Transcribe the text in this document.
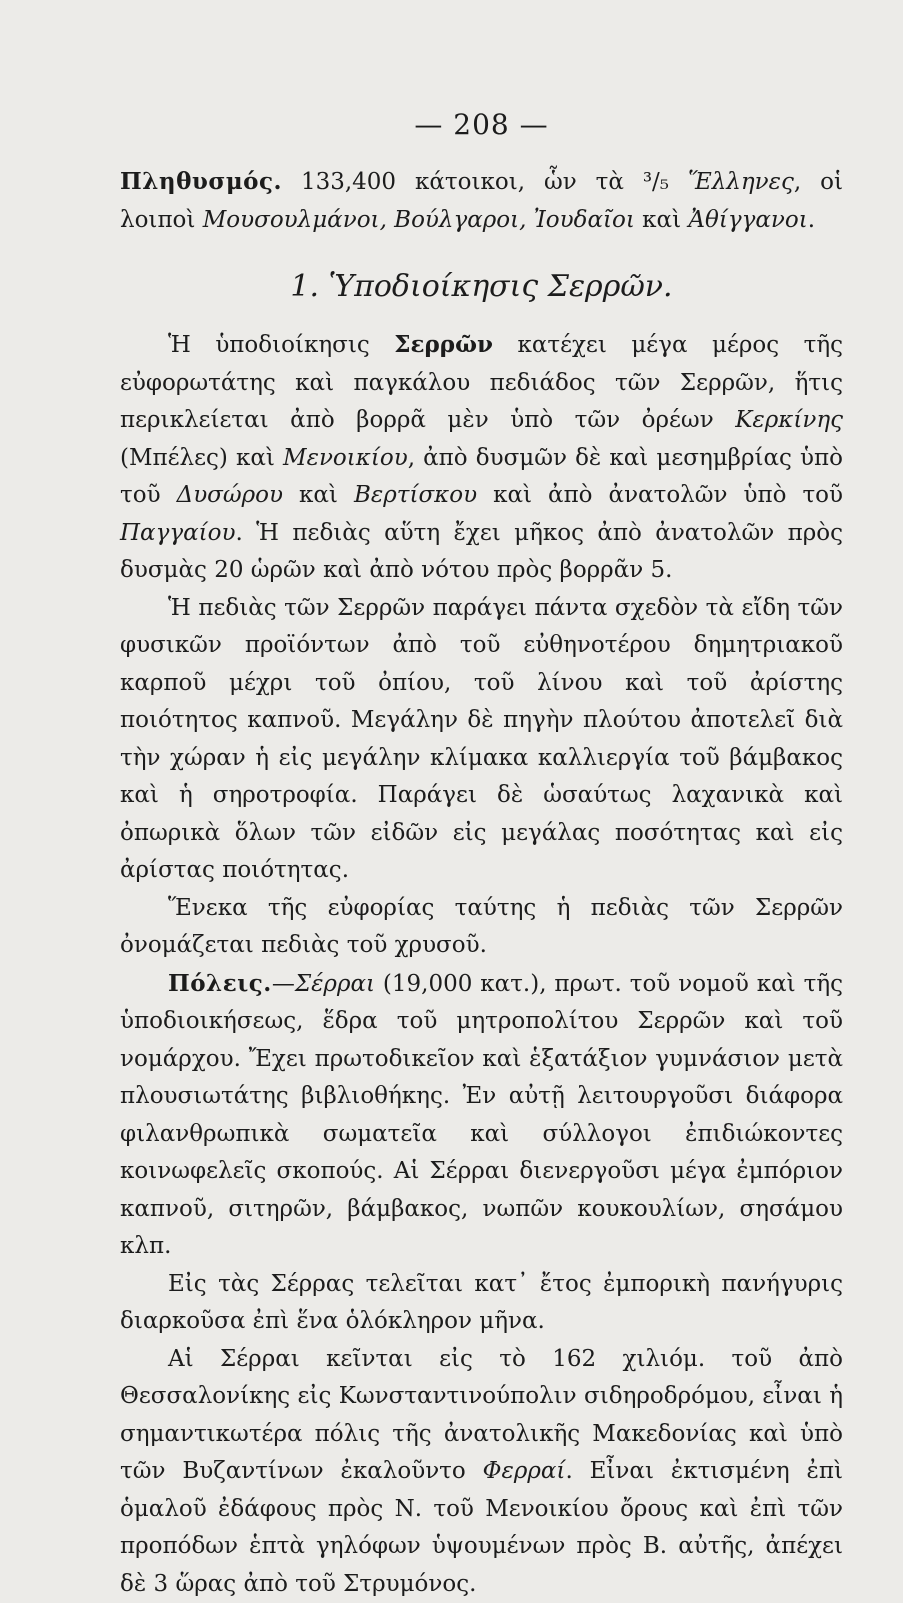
— 208 —

Πληθυσμός. 133,400 κάτοικοι, ὧν τὰ ³/₅ Ἕλληνες, οἱ λοιποὶ Μουσουλμάνοι, Βούλγαροι, Ἰουδαῖοι καὶ Ἀθίγγανοι.

1. Ὑποδιοίκησις Σερρῶν.

Ἡ ὑποδιοίκησις Σερρῶν κατέχει μέγα μέρος τῆς εὐφορωτάτης καὶ παγκάλου πεδιάδος τῶν Σερρῶν, ἥτις περικλείεται ἀπὸ βορρᾶ μὲν ὑπὸ τῶν ὀρέων Κερκίνης (Μπέλες) καὶ Μενοικίου, ἀπὸ δυσμῶν δὲ καὶ μεσημβρίας ὑπὸ τοῦ Δυσώρου καὶ Βερτίσκου καὶ ἀπὸ ἀνατολῶν ὑπὸ τοῦ Παγγαίου. Ἡ πεδιὰς αὕτη ἔχει μῆκος ἀπὸ ἀνατολῶν πρὸς δυσμὰς 20 ὡρῶν καὶ ἀπὸ νότου πρὸς βορρᾶν 5.

Ἡ πεδιὰς τῶν Σερρῶν παράγει πάντα σχεδὸν τὰ εἴδη τῶν φυσικῶν προϊόντων ἀπὸ τοῦ εὐθηνοτέρου δημητριακοῦ καρποῦ μέχρι τοῦ ὀπίου, τοῦ λίνου καὶ τοῦ ἀρίστης ποιότητος καπνοῦ. Μεγάλην δὲ πηγὴν πλούτου ἀποτελεῖ διὰ τὴν χώραν ἡ εἰς μεγάλην κλίμακα καλλιεργία τοῦ βάμβακος καὶ ἡ σηροτροφία. Παράγει δὲ ὡσαύτως λαχανικὰ καὶ ὀπωρικὰ ὅλων τῶν εἰδῶν εἰς μεγάλας ποσότητας καὶ εἰς ἀρίστας ποιότητας.

Ἕνεκα τῆς εὐφορίας ταύτης ἡ πεδιὰς τῶν Σερρῶν ὀνομάζεται πεδιὰς τοῦ χρυσοῦ.

Πόλεις.—Σέρραι (19,000 κατ.), πρωτ. τοῦ νομοῦ καὶ τῆς ὑποδιοικήσεως, ἕδρα τοῦ μητροπολίτου Σερρῶν καὶ τοῦ νομάρχου. Ἔχει πρωτοδικεῖον καὶ ἑξατάξιον γυμνάσιον μετὰ πλουσιωτάτης βιβλιοθήκης. Ἐν αὐτῇ λειτουργοῦσι διάφορα φιλανθρωπικὰ σωματεῖα καὶ σύλλογοι ἐπιδιώκοντες κοινωφελεῖς σκοπούς. Αἱ Σέρραι διενεργοῦσι μέγα ἐμπόριον καπνοῦ, σιτηρῶν, βάμβακος, νωπῶν κουκουλίων, σησάμου κλπ.

Εἰς τὰς Σέρρας τελεῖται κατ᾽ ἔτος ἐμπορικὴ πανήγυρις διαρκοῦσα ἐπὶ ἕνα ὁλόκληρον μῆνα.

Αἱ Σέρραι κεῖνται εἰς τὸ 162 χιλιόμ. τοῦ ἀπὸ Θεσσαλονίκης εἰς Κωνσταντινούπολιν σιδηροδρόμου, εἶναι ἡ σημαντικωτέρα πόλις τῆς ἀνατολικῆς Μακεδονίας καὶ ὑπὸ τῶν Βυζαντίνων ἐκαλοῦντο Φερραί. Εἶναι ἐκτισμένη ἐπὶ ὁμαλοῦ ἐδάφους πρὸς Ν. τοῦ Μενοικίου ὄρους καὶ ἐπὶ τῶν προπόδων ἑπτὰ γηλόφων ὑψουμένων πρὸς Β. αὐτῆς, ἀπέχει δὲ 3 ὥρας ἀπὸ τοῦ Στρυμόνος.
